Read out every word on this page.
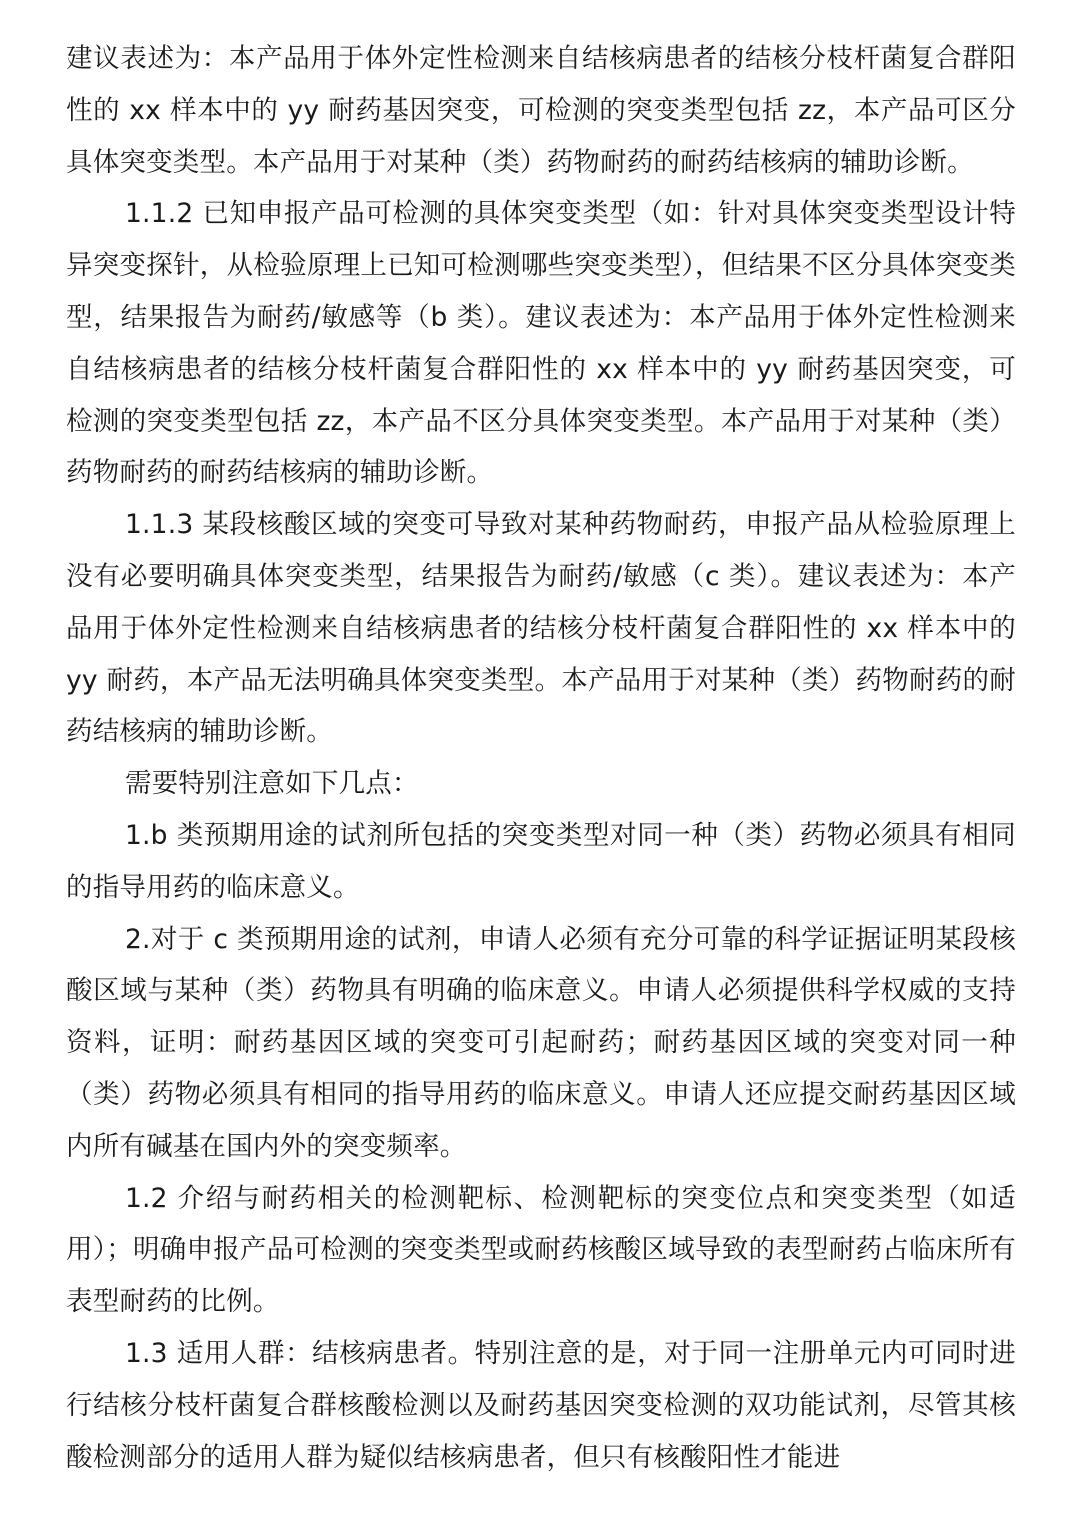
建议表述为：本产品用于体外定性检测来自结核病患者的结核分枝杆菌复合群阳性的 xx 样本中的 yy 耐药基因突变，可检测的突变类型包括 zz，本产品可区分具体突变类型。本产品用于对某种（类）药物耐药的耐药结核病的辅助诊断。

1.1.2 已知申报产品可检测的具体突变类型（如：针对具体突变类型设计特异突变探针，从检验原理上已知可检测哪些突变类型），但结果不区分具体突变类型，结果报告为耐药/敏感等（b 类）。建议表述为：本产品用于体外定性检测来自结核病患者的结核分枝杆菌复合群阳性的 xx 样本中的 yy 耐药基因突变，可检测的突变类型包括 zz，本产品不区分具体突变类型。本产品用于对某种（类）药物耐药的耐药结核病的辅助诊断。

1.1.3 某段核酸区域的突变可导致对某种药物耐药，申报产品从检验原理上没有必要明确具体突变类型，结果报告为耐药/敏感（c 类）。建议表述为：本产品用于体外定性检测来自结核病患者的结核分枝杆菌复合群阳性的 xx 样本中的 yy 耐药，本产品无法明确具体突变类型。本产品用于对某种（类）药物耐药的耐药结核病的辅助诊断。

需要特别注意如下几点：

1.b 类预期用途的试剂所包括的突变类型对同一种（类）药物必须具有相同的指导用药的临床意义。

2.对于 c 类预期用途的试剂，申请人必须有充分可靠的科学证据证明某段核酸区域与某种（类）药物具有明确的临床意义。申请人必须提供科学权威的支持资料，证明：耐药基因区域的突变可引起耐药；耐药基因区域的突变对同一种（类）药物必须具有相同的指导用药的临床意义。申请人还应提交耐药基因区域内所有碱基在国内外的突变频率。

1.2 介绍与耐药相关的检测靶标、检测靶标的突变位点和突变类型（如适用）；明确申报产品可检测的突变类型或耐药核酸区域导致的表型耐药占临床所有表型耐药的比例。

1.3 适用人群：结核病患者。特别注意的是，对于同一注册单元内可同时进行结核分枝杆菌复合群核酸检测以及耐药基因突变检测的双功能试剂，尽管其核酸检测部分的适用人群为疑似结核病患者，但只有核酸阳性才能进
